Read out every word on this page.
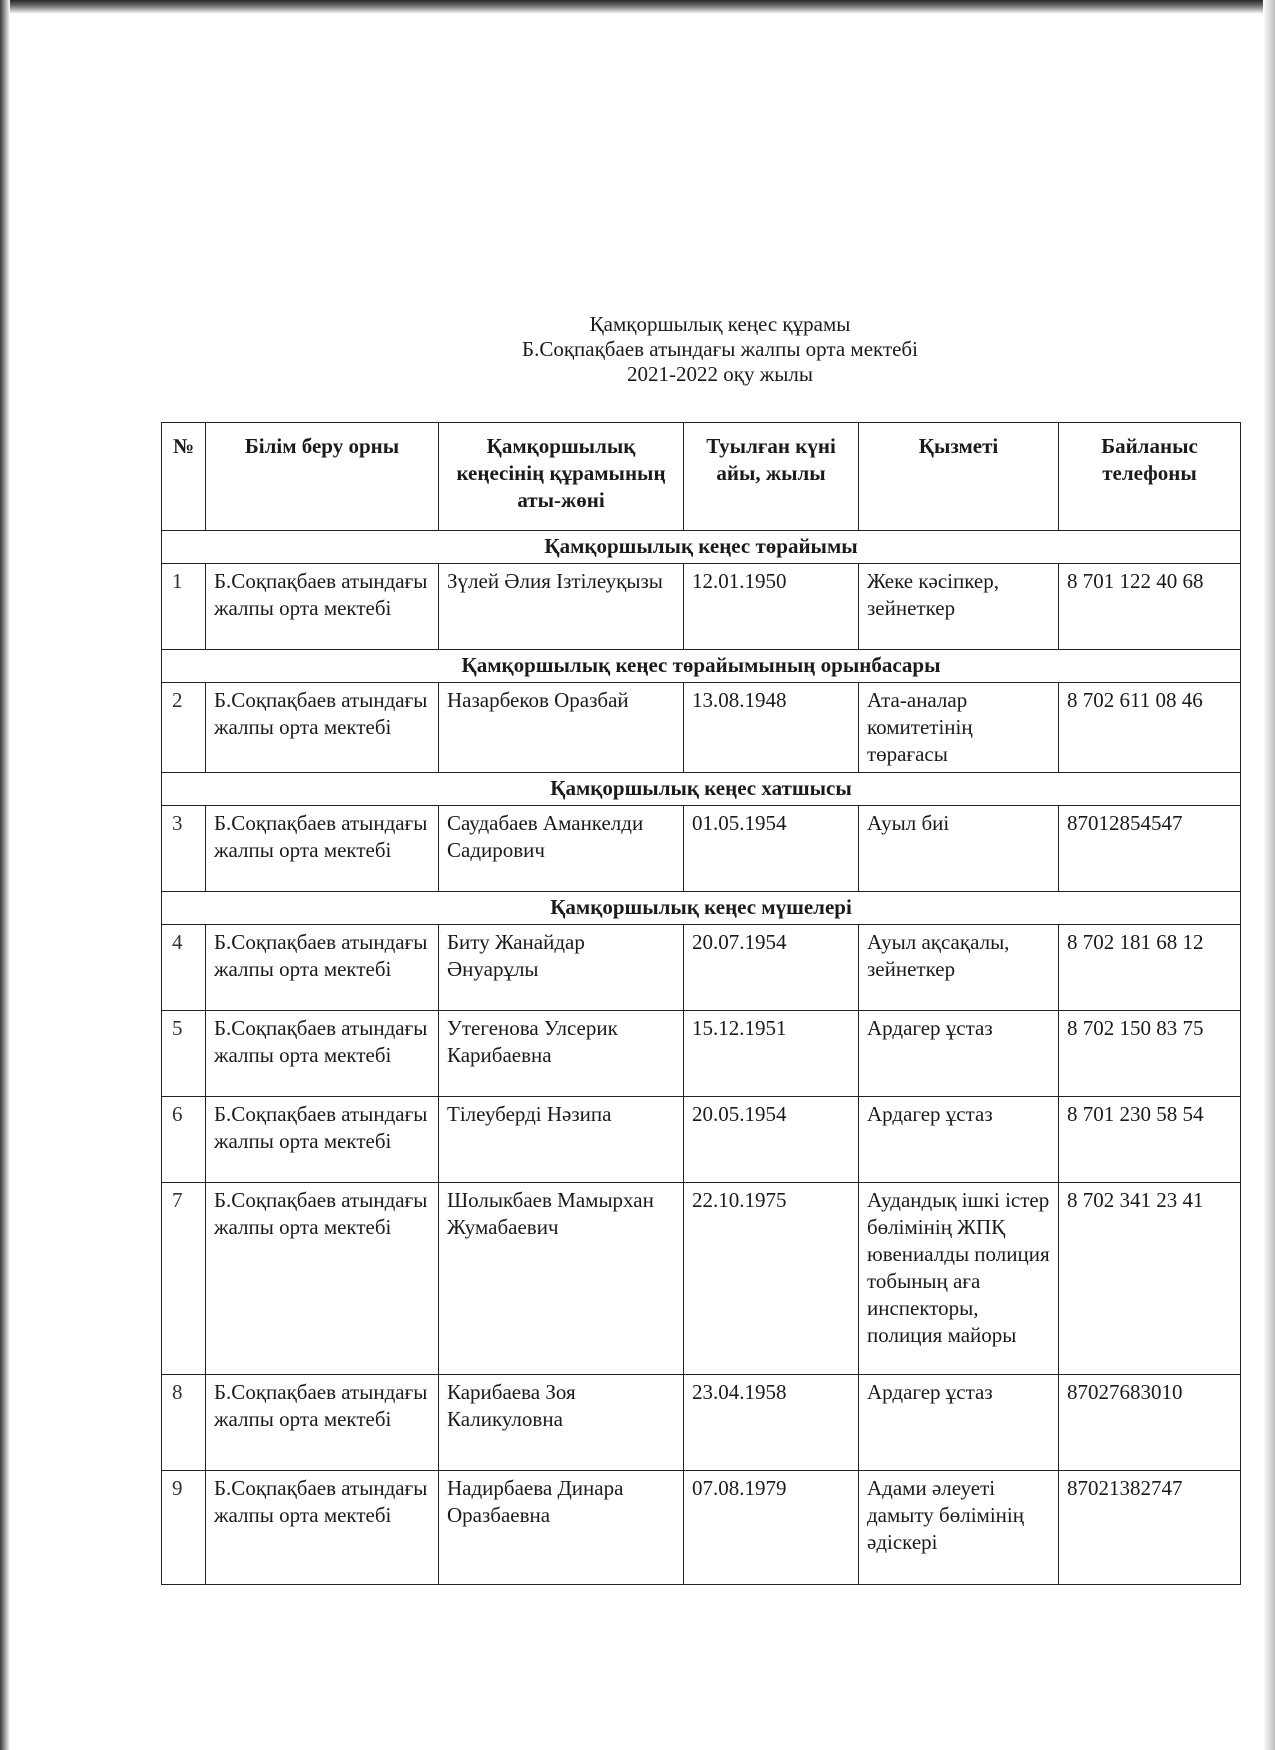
Қамқоршылық кеңес құрамы
Б.Соқпақбаев атындағы жалпы орта мектебі
2021-2022 оқу жылы
№	Білім беру орны	Қамқоршылық кеңесінің құрамының аты-жөні	Туылған күні айы, жылы	Қызметі	Байланыс телефоны
Қамқоршылық кеңес төрайымы					
1	Б.Соқпақбаев атындағы жалпы орта мектебі	Зүлей Әлия Ізтілеуқызы	12.01.1950	Жеке кәсіпкер, зейнеткер	8 701 122 40 68
Қамқоршылық кеңес төрайымының орынбасары					
2	Б.Соқпақбаев атындағы жалпы орта мектебі	Назарбеков Оразбай	13.08.1948	Ата-аналар комитетінің төрағасы	8 702 611 08 46
Қамқоршылық кеңес хатшысы					
3	Б.Соқпақбаев атындағы жалпы орта мектебі	Саудабаев Аманкелди Садирович	01.05.1954	Ауыл биі	87012854547
Қамқоршылық кеңес мүшелері					
4	Б.Соқпақбаев атындағы жалпы орта мектебі	Биту Жанайдар Әнуарұлы	20.07.1954	Ауыл ақсақалы, зейнеткер	8 702 181 68 12
5	Б.Соқпақбаев атындағы жалпы орта мектебі	Утегенова Улсерик Карибаевна	15.12.1951	Ардагер ұстаз	8 702 150 83 75
6	Б.Соқпақбаев атындағы жалпы орта мектебі	Тілеуберді Нәзипа	20.05.1954	Ардагер ұстаз	8 701 230 58 54
7	Б.Соқпақбаев атындағы жалпы орта мектебі	Шолыкбаев Мамырхан Жумабаевич	22.10.1975	Аудандық ішкі істер бөлімінің ЖПҚ ювениалды полиция тобының аға инспекторы, полиция майоры	8 702 341 23 41
8	Б.Соқпақбаев атындағы жалпы орта мектебі	Карибаева Зоя Каликуловна	23.04.1958	Ардагер ұстаз	87027683010
9	Б.Соқпақбаев атындағы жалпы орта мектебі	Надирбаева Динара Оразбаевна	07.08.1979	Адами әлеуеті дамыту бөлімінің әдіскері	87021382747
